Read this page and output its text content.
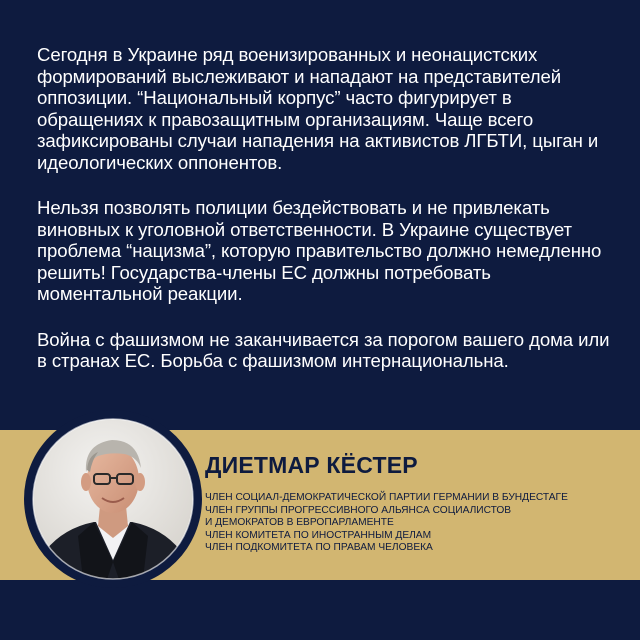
Сегодня в Украине ряд военизированных и неонацистских формирований выслеживают и нападают на представителей оппозиции. “Национальный корпус” часто фигурирует в обращениях к правозащитным организациям. Чаще всего зафиксированы случаи нападения на активистов ЛГБТИ, цыган и идеологических оппонентов.

Нельзя позволять полиции бездействовать и не привлекать виновных к уголовной ответственности. В Украине существует проблема “нацизма”, которую правительство должно немедленно решить! Государства-члены ЕС должны потребовать моментальной реакции.

Война с фашизмом не заканчивается за порогом вашего дома или в странах ЕС. Борьба с фашизмом интернациональна.

ДИЕТМАР КЁСТЕР

ЧЛЕН СОЦИАЛ-ДЕМОКРАТИЧЕСКОЙ ПАРТИИ ГЕРМАНИИ В БУНДЕСТАГЕ

ЧЛЕН ГРУППЫ ПРОГРЕССИВНОГО АЛЬЯНСА СОЦИАЛИСТОВ

И ДЕМОКРАТОВ В ЕВРОПАРЛАМЕНТЕ

ЧЛЕН КОМИТЕТА ПО ИНОСТРАННЫМ ДЕЛАМ

ЧЛЕН ПОДКОМИТЕТА ПО ПРАВАМ ЧЕЛОВЕКА
